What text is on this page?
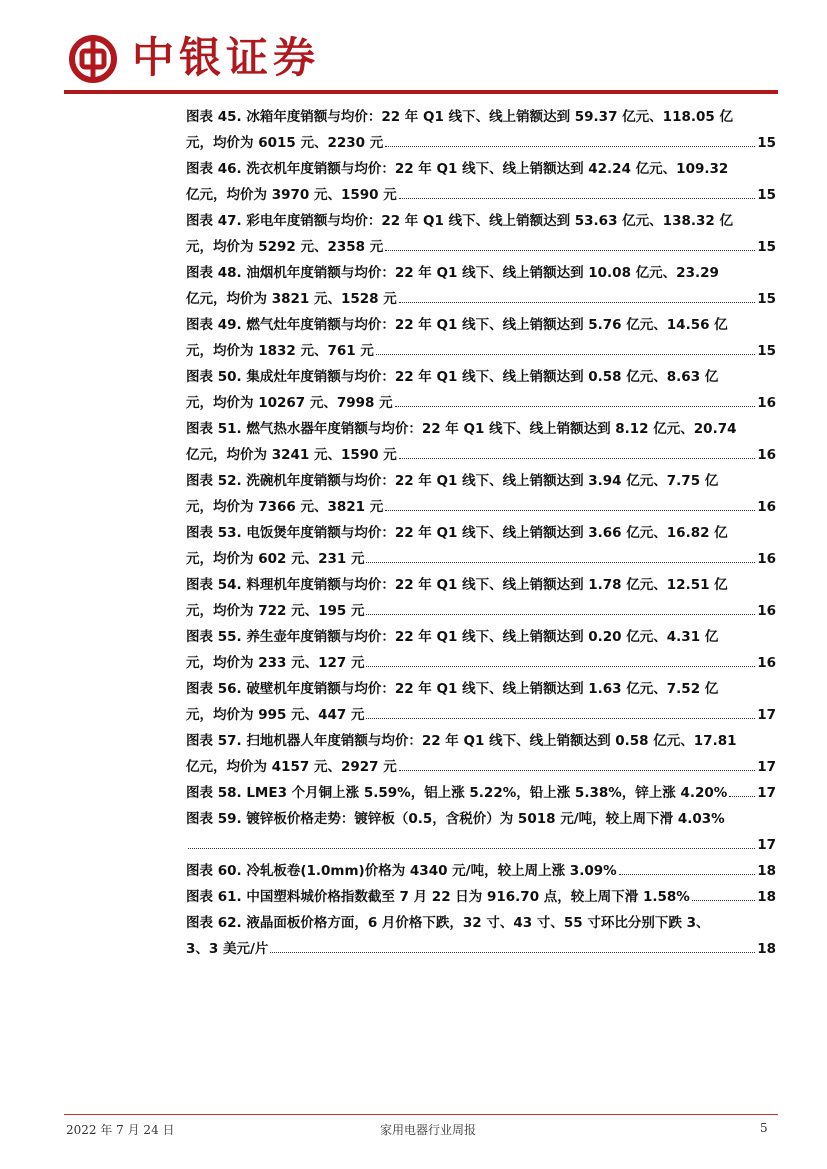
中银证券
图表 45. 冰箱年度销额与均价：22 年 Q1 线下、线上销额达到 59.37 亿元、118.05 亿
元，均价为 6015 元、2230 元	15
图表 46. 洗衣机年度销额与均价：22 年 Q1 线下、线上销额达到 42.24 亿元、109.32
亿元，均价为 3970 元、1590 元	15
图表 47. 彩电年度销额与均价：22 年 Q1 线下、线上销额达到 53.63 亿元、138.32 亿
元，均价为 5292 元、2358 元	15
图表 48. 油烟机年度销额与均价：22 年 Q1 线下、线上销额达到 10.08 亿元、23.29
亿元，均价为 3821 元、1528 元	15
图表 49. 燃气灶年度销额与均价：22 年 Q1 线下、线上销额达到 5.76 亿元、14.56 亿
元，均价为 1832 元、761 元	15
图表 50. 集成灶年度销额与均价：22 年 Q1 线下、线上销额达到 0.58 亿元、8.63 亿
元，均价为 10267 元、7998 元	16
图表 51. 燃气热水器年度销额与均价：22 年 Q1 线下、线上销额达到 8.12 亿元、20.74
亿元，均价为 3241 元、1590 元	16
图表 52. 洗碗机年度销额与均价：22 年 Q1 线下、线上销额达到 3.94 亿元、7.75 亿
元，均价为 7366 元、3821 元	16
图表 53. 电饭煲年度销额与均价：22 年 Q1 线下、线上销额达到 3.66 亿元、16.82 亿
元，均价为 602 元、231 元	16
图表 54. 料理机年度销额与均价：22 年 Q1 线下、线上销额达到 1.78 亿元、12.51 亿
元，均价为 722 元、195 元	16
图表 55. 养生壶年度销额与均价：22 年 Q1 线下、线上销额达到 0.20 亿元、4.31 亿
元，均价为 233 元、127 元	16
图表 56. 破壁机年度销额与均价：22 年 Q1 线下、线上销额达到 1.63 亿元、7.52 亿
元，均价为 995 元、447 元	17
图表 57. 扫地机器人年度销额与均价：22 年 Q1 线下、线上销额达到 0.58 亿元、17.81
亿元，均价为 4157 元、2927 元	17
图表 58. LME3 个月铜上涨 5.59%，铝上涨 5.22%，铅上涨 5.38%，锌上涨 4.20% 17
图表 59. 镀锌板价格走势：镀锌板（0.5，含税价）为 5018 元/吨，较上周下滑 4.03%
17
图表 60. 冷轧板卷(1.0mm)价格为 4340 元/吨，较上周上涨 3.09%	18
图表 61. 中国塑料城价格指数截至 7 月 22 日为 916.70 点，较上周下滑 1.58%	18
图表 62. 液晶面板价格方面，6 月价格下跌，32 寸、43 寸、55 寸环比分别下跌 3、
3、3 美元/片	18
2022 年 7 月 24 日	家用电器行业周报	5
